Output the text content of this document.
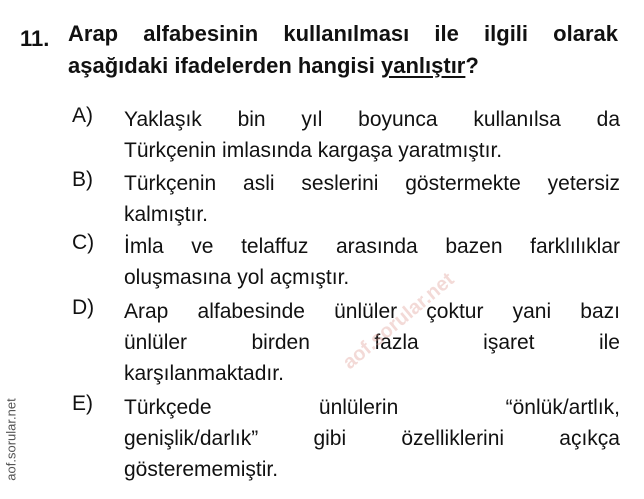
11. Arap alfabesinin kullanılması ile ilgili olarak
aşağıdaki ifadelerden hangisi yanlıştır?
A) Yaklaşık bin yıl boyunca kullanılsa da
Türkçenin imlasında kargaşa yaratmıştır.
B) Türkçenin asli seslerini göstermekte yetersiz
kalmıştır.
C) İmla ve telaffuz arasında bazen farklılıklar
oluşmasına yol açmıştır.
D) Arap alfabesinde ünlüler çoktur yani bazı
ünlüler birden fazla işaret ile
karşılanmaktadır.
E) Türkçede ünlülerin “önlük/artlık,
genişlik/darlık” gibi özelliklerini açıkça
gösterememiştir.
aof.sorular.net
aof.sorular.net
